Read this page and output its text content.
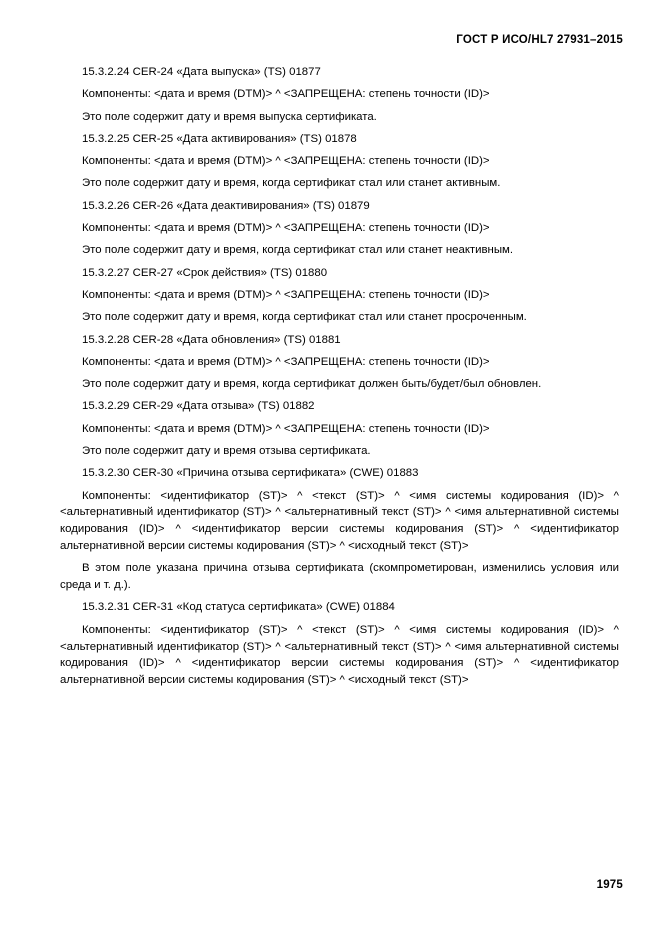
ГОСТ Р ИСО/HL7 27931–2015

15.3.2.24 CER-24 «Дата выпуска» (TS) 01877

Компоненты: <дата и время (DTM)> ^ <ЗАПРЕЩЕНА: степень точности (ID)>

Это поле содержит дату и время выпуска сертификата.

15.3.2.25 CER-25 «Дата активирования» (TS) 01878

Компоненты: <дата и время (DTM)> ^ <ЗАПРЕЩЕНА: степень точности (ID)>

Это поле содержит дату и время, когда сертификат стал или станет активным.

15.3.2.26 CER-26 «Дата деактивирования» (TS) 01879

Компоненты: <дата и время (DTM)> ^ <ЗАПРЕЩЕНА: степень точности (ID)>

Это поле содержит дату и время, когда сертификат стал или станет неактивным.

15.3.2.27 CER-27 «Срок действия» (TS) 01880

Компоненты: <дата и время (DTM)> ^ <ЗАПРЕЩЕНА: степень точности (ID)>

Это поле содержит дату и время, когда сертификат стал или станет просроченным.

15.3.2.28 CER-28 «Дата обновления» (TS) 01881

Компоненты: <дата и время (DTM)> ^ <ЗАПРЕЩЕНА: степень точности (ID)>

Это поле содержит дату и время, когда сертификат должен быть/будет/был обновлен.

15.3.2.29 CER-29 «Дата отзыва» (TS) 01882

Компоненты: <дата и время (DTM)> ^ <ЗАПРЕЩЕНА: степень точности (ID)>

Это поле содержит дату и время отзыва сертификата.

15.3.2.30 CER-30 «Причина отзыва сертификата» (CWE) 01883

Компоненты: <идентификатор (ST)> ^ <текст (ST)> ^ <имя системы кодирования (ID)> ^ <альтернативный идентификатор (ST)> ^ <альтернативный текст (ST)> ^ <имя альтернативной системы кодирования (ID)> ^ <идентификатор версии системы кодирования (ST)> ^ <идентификатор альтернативной версии системы кодирования (ST)> ^ <исходный текст (ST)>

В этом поле указана причина отзыва сертификата (скомпрометирован, изменились условия или среда и т. д.).

15.3.2.31 CER-31 «Код статуса сертификата» (CWE) 01884

Компоненты: <идентификатор (ST)> ^ <текст (ST)> ^ <имя системы кодирования (ID)> ^ <альтернативный идентификатор (ST)> ^ <альтернативный текст (ST)> ^ <имя альтернативной системы кодирования (ID)> ^ <идентификатор версии системы кодирования (ST)> ^ <идентификатор альтернативной версии системы кодирования (ST)> ^ <исходный текст (ST)>

1975
